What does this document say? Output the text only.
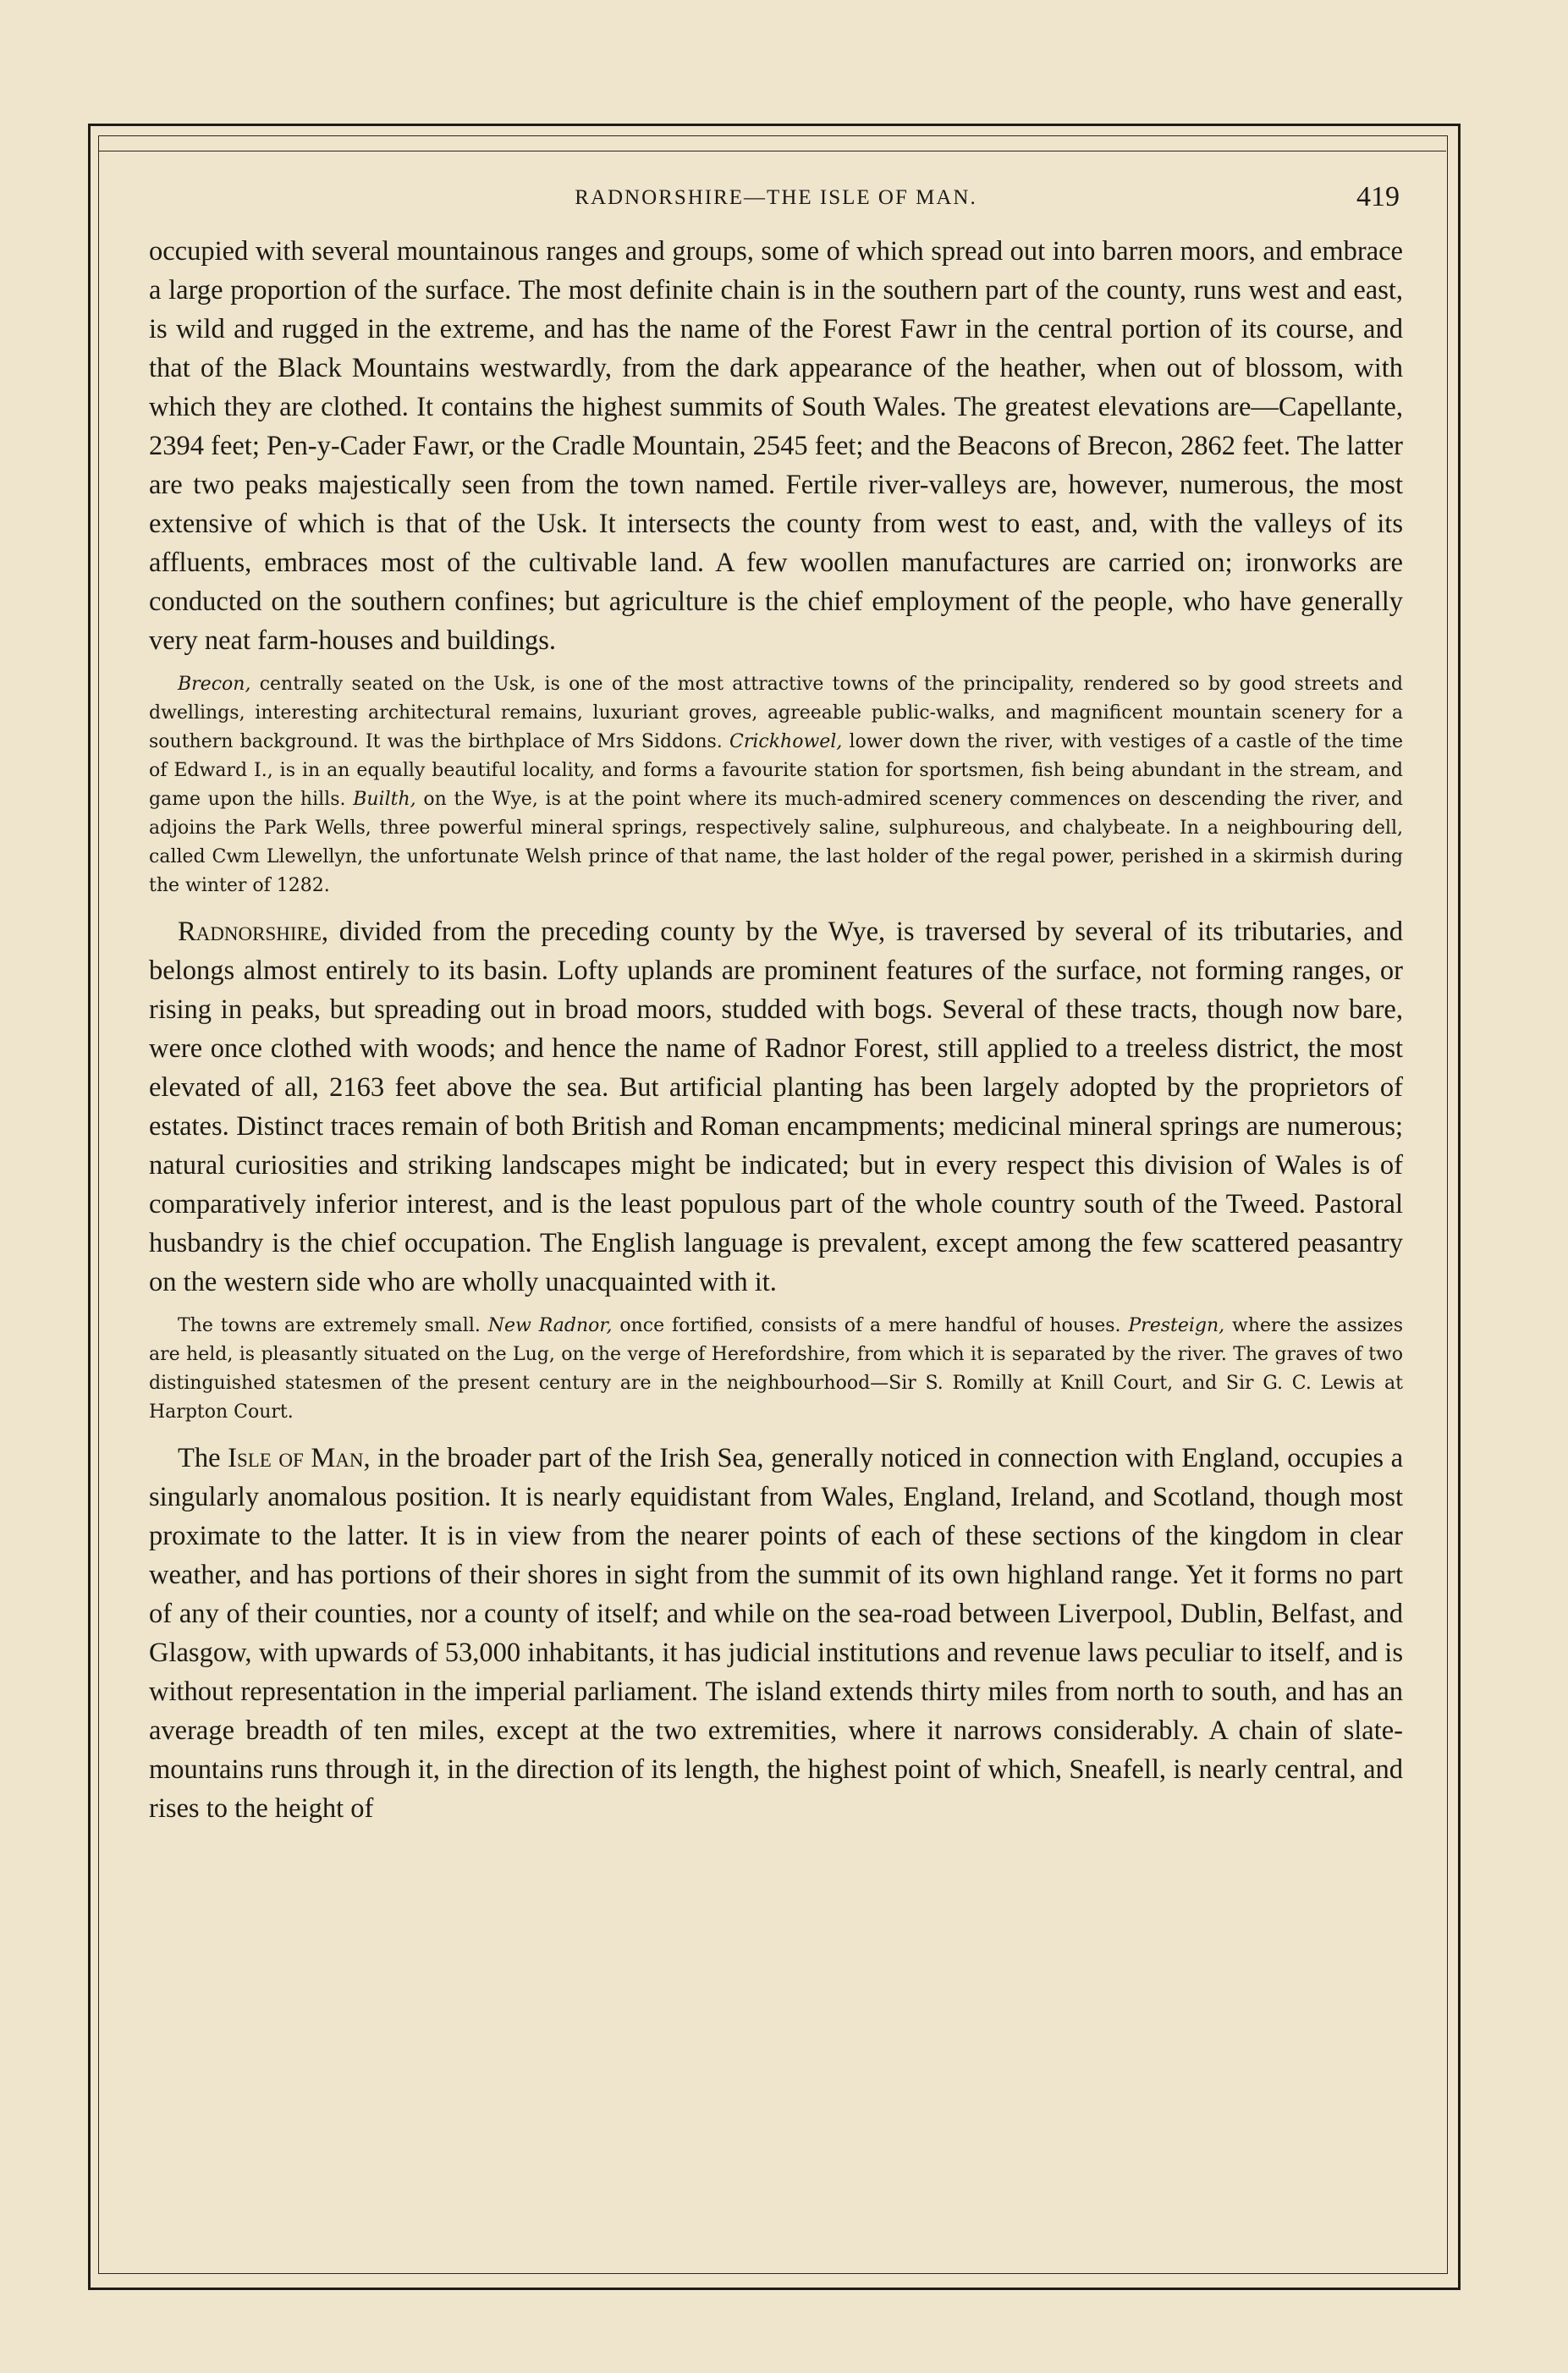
RADNORSHIRE—THE ISLE OF MAN.	419

occupied with several mountainous ranges and groups, some of which spread out into barren moors, and embrace a large proportion of the surface. The most definite chain is in the southern part of the county, runs west and east, is wild and rugged in the extreme, and has the name of the Forest Fawr in the central portion of its course, and that of the Black Mountains westwardly, from the dark appearance of the heather, when out of blossom, with which they are clothed. It contains the highest summits of South Wales. The greatest elevations are—Capellante, 2394 feet; Pen-y-Cader Fawr, or the Cradle Mountain, 2545 feet; and the Beacons of Brecon, 2862 feet. The latter are two peaks majestically seen from the town named. Fertile river-valleys are, however, numerous, the most extensive of which is that of the Usk. It intersects the county from west to east, and, with the valleys of its affluents, embraces most of the cultivable land. A few woollen manufactures are carried on; ironworks are conducted on the southern confines; but agriculture is the chief employment of the people, who have generally very neat farm-houses and buildings.

Brecon, centrally seated on the Usk, is one of the most attractive towns of the principality, rendered so by good streets and dwellings, interesting architectural remains, luxuriant groves, agreeable public-walks, and magnificent mountain scenery for a southern background. It was the birthplace of Mrs Siddons. Crickhowel, lower down the river, with vestiges of a castle of the time of Edward I., is in an equally beautiful locality, and forms a favourite station for sportsmen, fish being abundant in the stream, and game upon the hills. Builth, on the Wye, is at the point where its much-admired scenery commences on descending the river, and adjoins the Park Wells, three powerful mineral springs, respectively saline, sulphureous, and chalybeate. In a neighbouring dell, called Cwm Llewellyn, the unfortunate Welsh prince of that name, the last holder of the regal power, perished in a skirmish during the winter of 1282.

Radnorshire, divided from the preceding county by the Wye, is traversed by several of its tributaries, and belongs almost entirely to its basin. Lofty uplands are prominent features of the surface, not forming ranges, or rising in peaks, but spreading out in broad moors, studded with bogs. Several of these tracts, though now bare, were once clothed with woods; and hence the name of Radnor Forest, still applied to a treeless district, the most elevated of all, 2163 feet above the sea. But artificial planting has been largely adopted by the proprietors of estates. Distinct traces remain of both British and Roman encampments; medicinal mineral springs are numerous; natural curiosities and striking landscapes might be indicated; but in every respect this division of Wales is of comparatively inferior interest, and is the least populous part of the whole country south of the Tweed. Pastoral husbandry is the chief occupation. The English language is prevalent, except among the few scattered peasantry on the western side who are wholly unacquainted with it.

The towns are extremely small. New Radnor, once fortified, consists of a mere handful of houses. Presteign, where the assizes are held, is pleasantly situated on the Lug, on the verge of Herefordshire, from which it is separated by the river. The graves of two distinguished statesmen of the present century are in the neighbourhood—Sir S. Romilly at Knill Court, and Sir G. C. Lewis at Harpton Court.

The Isle of Man, in the broader part of the Irish Sea, generally noticed in connection with England, occupies a singularly anomalous position. It is nearly equidistant from Wales, England, Ireland, and Scotland, though most proximate to the latter. It is in view from the nearer points of each of these sections of the kingdom in clear weather, and has portions of their shores in sight from the summit of its own highland range. Yet it forms no part of any of their counties, nor a county of itself; and while on the sea-road between Liverpool, Dublin, Belfast, and Glasgow, with upwards of 53,000 inhabitants, it has judicial institutions and revenue laws peculiar to itself, and is without representation in the imperial parliament. The island extends thirty miles from north to south, and has an average breadth of ten miles, except at the two extremities, where it narrows considerably. A chain of slate-mountains runs through it, in the direction of its length, the highest point of which, Sneafell, is nearly central, and rises to the height of
